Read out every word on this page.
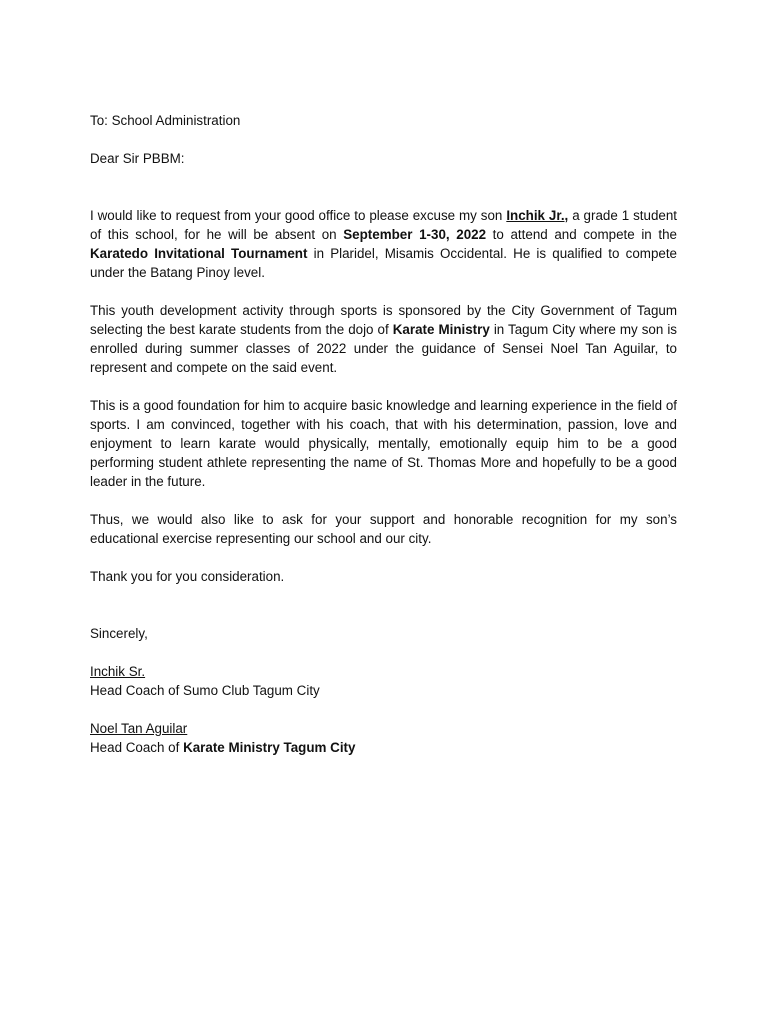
To: School Administration

Dear Sir PBBM:

I would like to request from your good office to please excuse my son Inchik Jr., a grade 1 student of this school, for he will be absent on September 1-30, 2022 to attend and compete in the Karatedo Invitational Tournament in Plaridel, Misamis Occidental. He is qualified to compete under the Batang Pinoy level.

This youth development activity through sports is sponsored by the City Government of Tagum selecting the best karate students from the dojo of Karate Ministry in Tagum City where my son is enrolled during summer classes of 2022 under the guidance of Sensei Noel Tan Aguilar, to represent and compete on the said event.

This is a good foundation for him to acquire basic knowledge and learning experience in the field of sports. I am convinced, together with his coach, that with his determination, passion, love and enjoyment to learn karate would physically, mentally, emotionally equip him to be a good performing student athlete representing the name of St. Thomas More and hopefully to be a good leader in the future.

Thus, we would also like to ask for your support and honorable recognition for my son’s educational exercise representing our school and our city.

Thank you for you consideration.

Sincerely,

Inchik Sr.

Head Coach of Sumo Club Tagum City

Noel Tan Aguilar

Head Coach of Karate Ministry Tagum City
